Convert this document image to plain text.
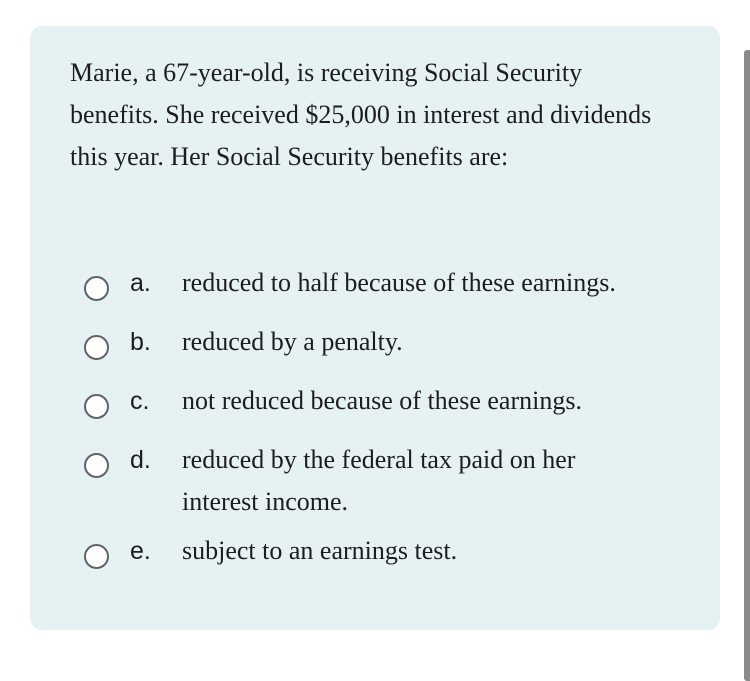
Marie, a 67-year-old, is receiving Social Security benefits. She received $25,000 in interest and dividends this year. Her Social Security benefits are:

a.	reduced to half because of these earnings.
b.	reduced by a penalty.
c.	not reduced because of these earnings.
d.	reduced by the federal tax paid on her interest income.
e.	subject to an earnings test.
